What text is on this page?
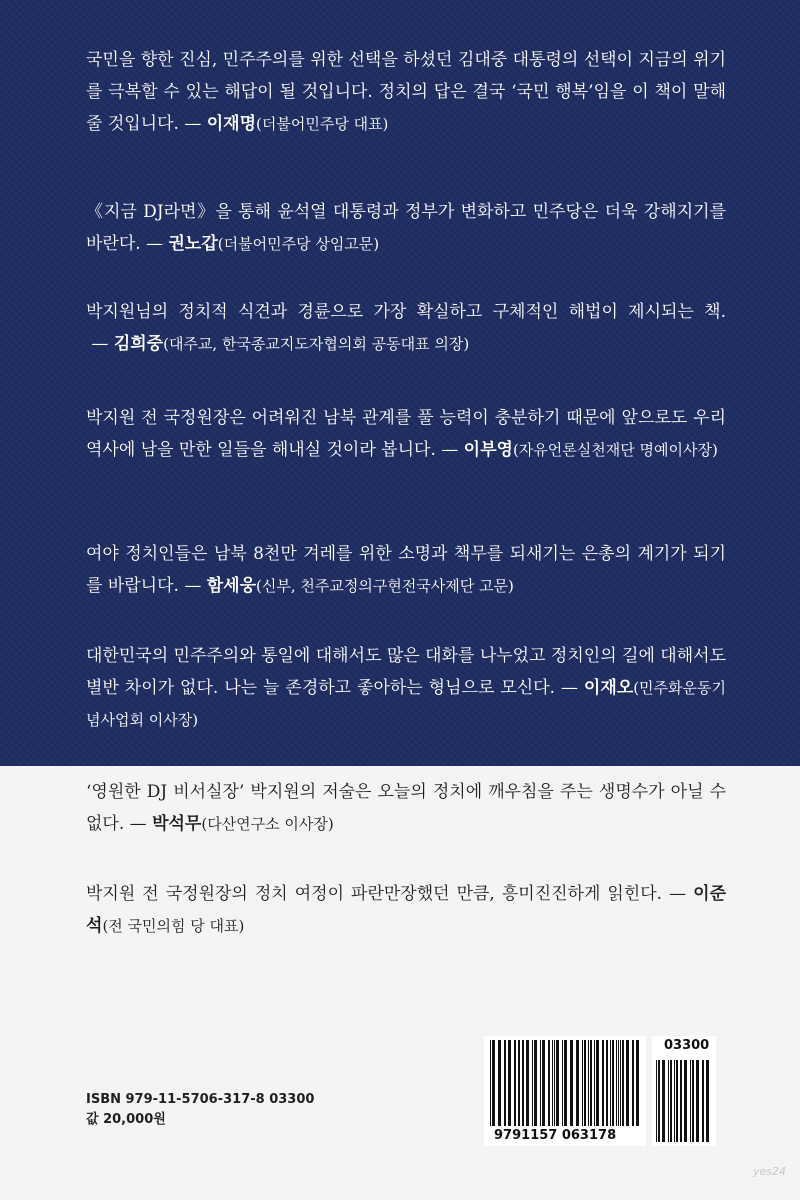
국민을 향한 진심, 민주주의를 위한 선택을 하셨던 김대중 대통령의 선택이 지금의 위기를 극복할 수 있는 해답이 될 것입니다. 정치의 답은 결국 ‘국민 행복’임을 이 책이 말해줄 것입니다. — 이재명(더불어민주당 대표)

《지금 DJ라면》을 통해 윤석열 대통령과 정부가 변화하고 민주당은 더욱 강해지기를 바란다. — 권노갑(더불어민주당 상임고문)

박지원님의 정치적 식견과 경륜으로 가장 확실하고 구체적인 해법이 제시되는 책. — 김희중(대주교, 한국종교지도자협의회 공동대표 의장)

박지원 전 국정원장은 어려워진 남북 관계를 풀 능력이 충분하기 때문에 앞으로도 우리 역사에 남을 만한 일들을 해내실 것이라 봅니다. — 이부영(자유언론실천재단 명예이사장)

여야 정치인들은 남북 8천만 겨레를 위한 소명과 책무를 되새기는 은총의 계기가 되기를 바랍니다. — 함세웅(신부, 천주교정의구현전국사제단 고문)

대한민국의 민주주의와 통일에 대해서도 많은 대화를 나누었고 정치인의 길에 대해서도 별반 차이가 없다. 나는 늘 존경하고 좋아하는 형님으로 모신다. — 이재오(민주화운동기념사업회 이사장)

‘영원한 DJ 비서실장’ 박지원의 저술은 오늘의 정치에 깨우침을 주는 생명수가 아닐 수 없다. — 박석무(다산연구소 이사장)

박지원 전 국정원장의 정치 여정이 파란만장했던 만큼, 흥미진진하게 읽힌다. — 이준석(전 국민의힘 당 대표)

ISBN 979-11-5706-317-8 03300
값 20,000원
9791157 063178
03300
yes24
